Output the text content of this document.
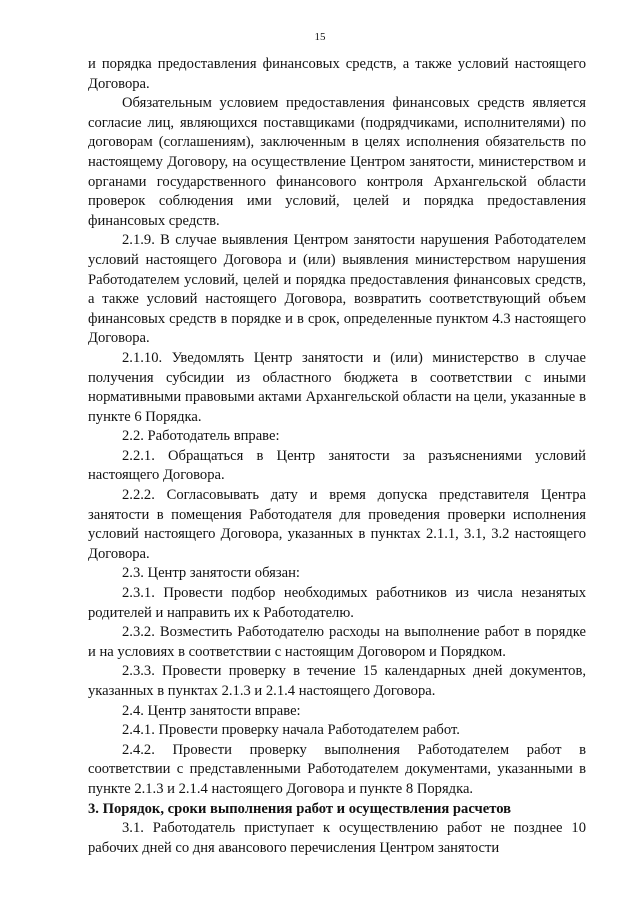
15

и порядка предоставления финансовых средств, а также условий настоящего Договора.

Обязательным условием предоставления финансовых средств является согласие лиц, являющихся поставщиками (подрядчиками, исполнителями) по договорам (соглашениям), заключенным в целях исполнения обязательств по настоящему Договору, на осуществление Центром занятости, министерством и органами государственного финансового контроля Архангельской области проверок соблюдения ими условий, целей и порядка предоставления финансовых средств.

2.1.9. В случае выявления Центром занятости нарушения Работодателем условий настоящего Договора и (или) выявления министерством нарушения Работодателем условий, целей и порядка предоставления финансовых средств, а также условий настоящего Договора, возвратить соответствующий объем финансовых средств в порядке и в срок, определенные пунктом 4.3 настоящего Договора.

2.1.10. Уведомлять Центр занятости и (или) министерство в случае получения субсидии из областного бюджета в соответствии с иными нормативными правовыми актами Архангельской области на цели, указанные в пункте 6 Порядка.

2.2. Работодатель вправе:

2.2.1. Обращаться в Центр занятости за разъяснениями условий настоящего Договора.

2.2.2. Согласовывать дату и время допуска представителя Центра занятости в помещения Работодателя для проведения проверки исполнения условий настоящего Договора, указанных в пунктах 2.1.1, 3.1, 3.2 настоящего Договора.

2.3. Центр занятости обязан:

2.3.1. Провести подбор необходимых работников из числа незанятых родителей и направить их к Работодателю.

2.3.2. Возместить Работодателю расходы на выполнение работ в порядке и на условиях в соответствии с настоящим Договором и Порядком.

2.3.3. Провести проверку в течение 15 календарных дней документов, указанных в пунктах 2.1.3 и 2.1.4 настоящего Договора.

2.4. Центр занятости вправе:

2.4.1. Провести проверку начала Работодателем работ.

2.4.2. Провести проверку выполнения Работодателем работ в соответствии с представленными Работодателем документами, указанными в пункте 2.1.3 и 2.1.4 настоящего Договора и пункте 8 Порядка.

3. Порядок, сроки выполнения работ и осуществления расчетов

3.1. Работодатель приступает к осуществлению работ не позднее 10 рабочих дней со дня авансового перечисления Центром занятости
